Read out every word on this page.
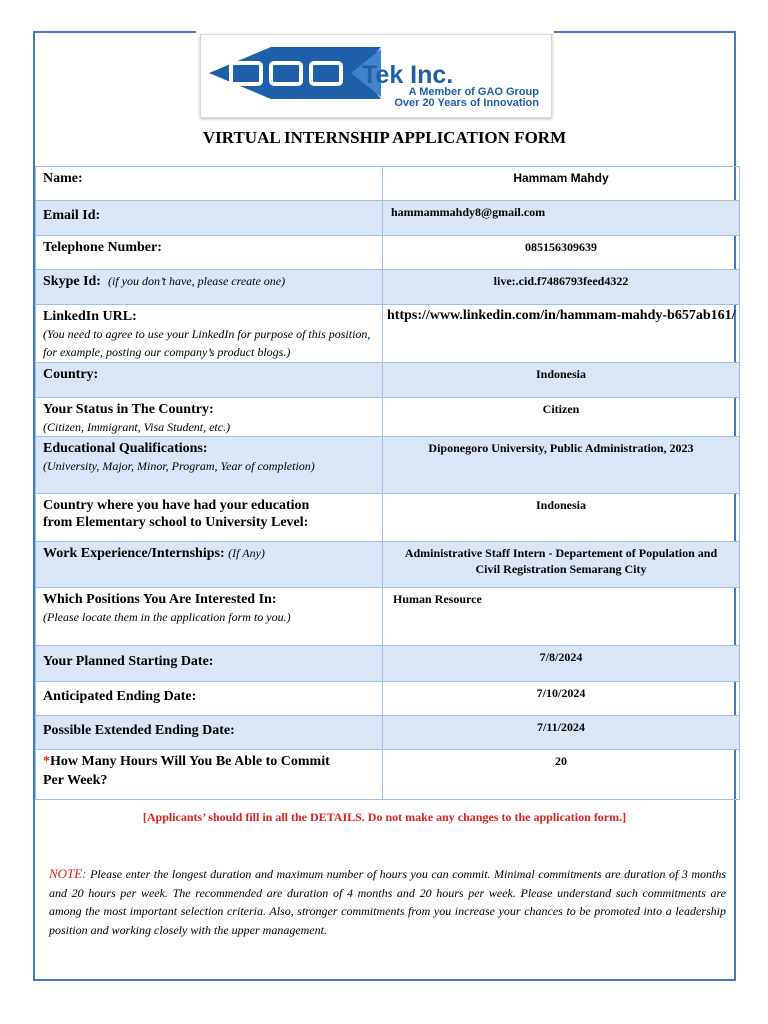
Tek Inc.
A Member of GAO Group
Over 20 Years of Innovation
VIRTUAL INTERNSHIP APPLICATION FORM
Name:	Hammam Mahdy

Email Id:	hammammahdy8@gmail.com

Telephone Number:	085156309639

Skype Id: (if you don’t have, please create one)	live:.cid.f7486793feed4322

LinkedIn URL:
(You need to agree to use your LinkedIn for purpose of this position, for example, posting our company’s product blogs.)	https://www.linkedin.com/in/hammam-mahdy-b657ab161/

Country:	Indonesia

Your Status in The Country:
(Citizen, Immigrant, Visa Student, etc.)	Citizen

Educational Qualifications:
(University, Major, Minor, Program, Year of completion)	Diponegoro University, Public Administration, 2023

Country where you have had your education
from Elementary school to University Level:	Indonesia

Work Experience/Internships: (If Any)	Administrative Staff Intern - Departement of Population and
Civil Registration Semarang City

Which Positions You Are Interested In:
(Please locate them in the application form to you.)	Human Resource

Your Planned Starting Date:	7/8/2024

Anticipated Ending Date:	7/10/2024

Possible Extended Ending Date:	7/11/2024

*How Many Hours Will You Be Able to Commit
Per Week?	20
[Applicants’ should fill in all the DETAILS. Do not make any changes to the application form.]
NOTE: Please enter the longest duration and maximum number of hours you can commit. Minimal commitments are duration of 3 months and 20 hours per week. The recommended are duration of 4 months and 20 hours per week. Please understand such commitments are among the most important selection criteria. Also, stronger commitments from you increase your chances to be promoted into a leadership position and working closely with the upper management.
